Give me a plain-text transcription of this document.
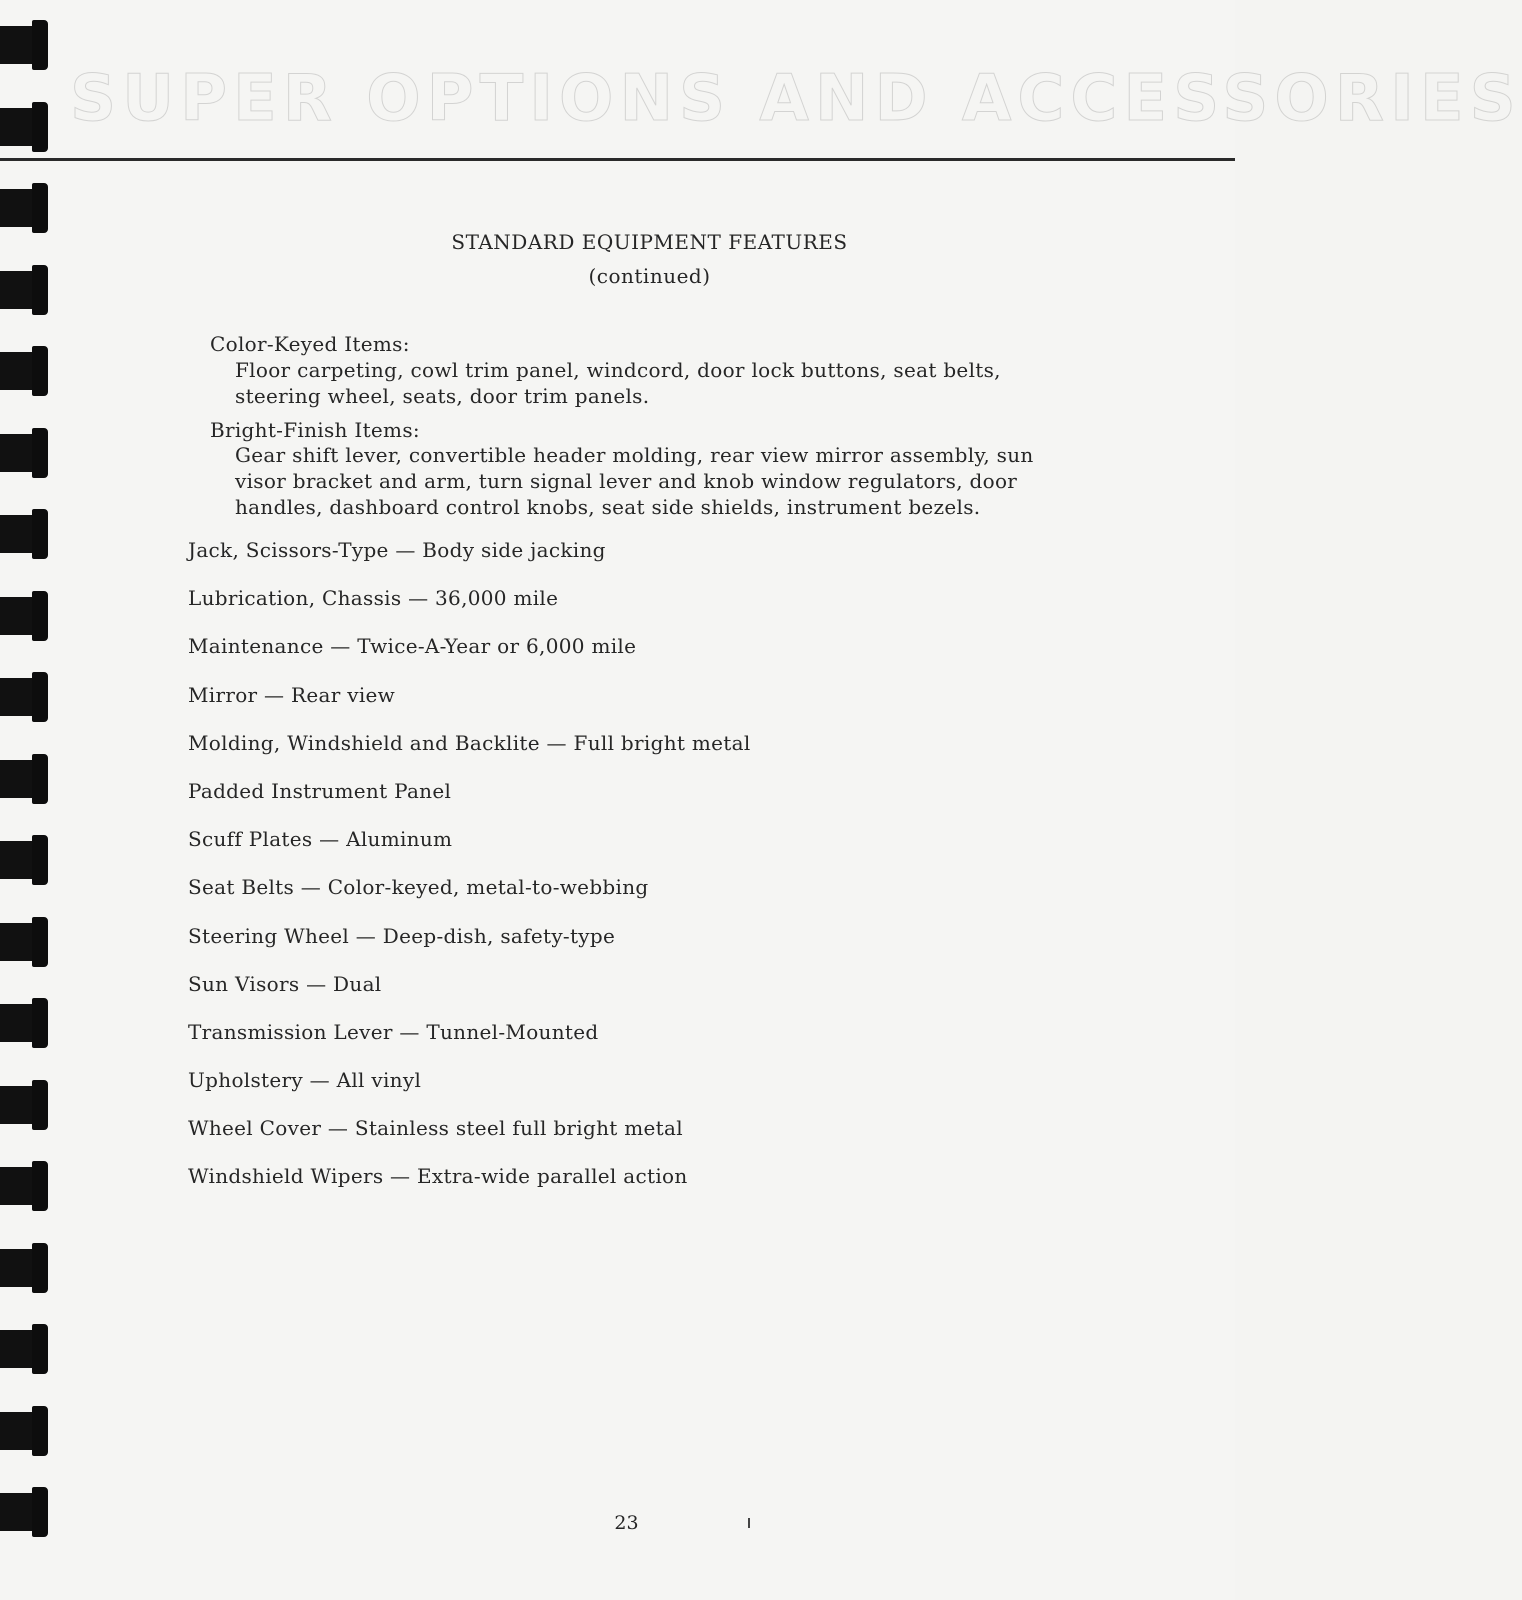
SUPER OPTIONS AND ACCESSORIES
STANDARD EQUIPMENT FEATURES
(continued)
Color-Keyed Items:
Floor carpeting, cowl trim panel, windcord, door lock buttons, seat belts,
steering wheel, seats, door trim panels.
Bright-Finish Items:
Gear shift lever, convertible header molding, rear view mirror assembly, sun
visor bracket and arm, turn signal lever and knob window regulators, door
handles, dashboard control knobs, seat side shields, instrument bezels.
Jack, Scissors-Type — Body side jacking
Lubrication, Chassis — 36,000 mile
Maintenance — Twice-A-Year or 6,000 mile
Mirror — Rear view
Molding, Windshield and Backlite — Full bright metal
Padded Instrument Panel
Scuff Plates — Aluminum
Seat Belts — Color-keyed, metal-to-webbing
Steering Wheel — Deep-dish, safety-type
Sun Visors — Dual
Transmission Lever — Tunnel-Mounted
Upholstery — All vinyl
Wheel Cover — Stainless steel full bright metal
Windshield Wipers — Extra-wide parallel action
23
